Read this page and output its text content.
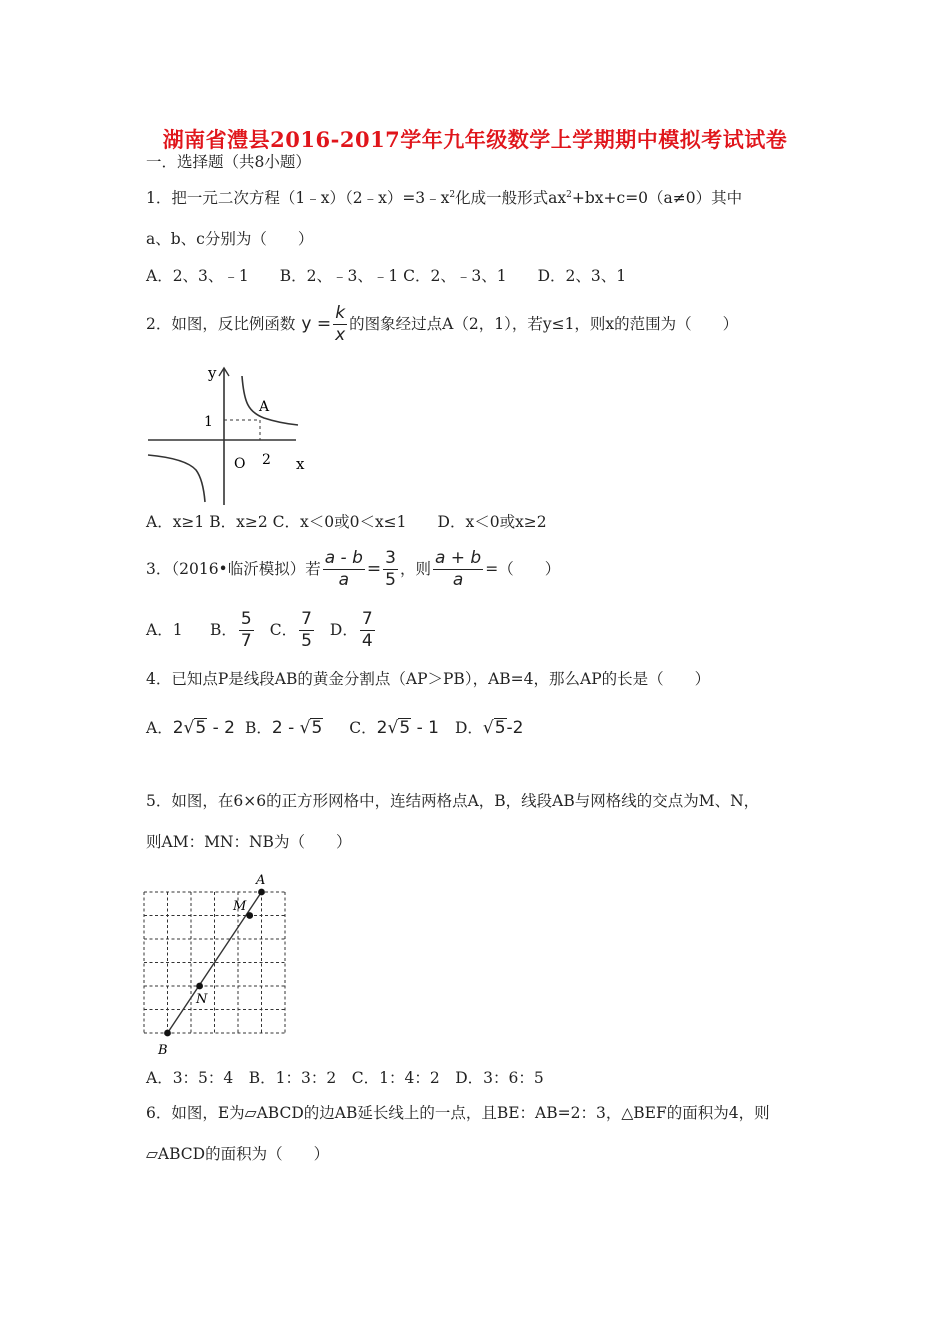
湖南省澧县2016-2017学年九年级数学上学期期中模拟考试试卷
一．选择题（共8小题）
1．把一元二次方程$(1﹣x)(2﹣x)=3﹣x^2$化成一般形式$ax^2+bx+c=0(a\ne 0)$其中
a、b、c分别为（　　）
A．2、3、﹣1　　B．2、﹣3、﹣1 C．2、﹣3、1　　D．2、3、1
2．如图，反比例函数 $y = \frac{k}{x}$ 的图象经过点A（2，1），若y≤1，则x的范围为（　　）
y
1
A
O 2 x
A．x≥1 B．x≥2 C．x＜0或0＜x≤1　　D．x＜0或x≥2
3．（2016•临沂模拟）若 $\frac{a - b}{a} = \frac{3}{5}$ ，则 $\frac{a + b}{a}$ =（　　）
A．1	B． $\frac{5}{7}$ C． $\frac{7}{5}$ D． $\frac{7}{4}$
4．已知点P是线段AB的黄金分割点（AP＞PB），AB=4，那么AP的长是（　　）
A． 2√5 - 2 B． 2 - √5 C． 2√5 - 1 D． √5-2
5．如图，在6×6的正方形网格中，连结两格点A，B，线段AB与网格线的交点为M、N，
则AM：MN：NB为（　　）
A
M
N
B
A．3：5：4　B．1：3：2　C．1：4：2　D．3：6：5
6．如图，E为▱ABCD的边AB延长线上的一点，且BE：AB=2：3，△BEF的面积为4，则
▱ABCD的面积为（　　）
